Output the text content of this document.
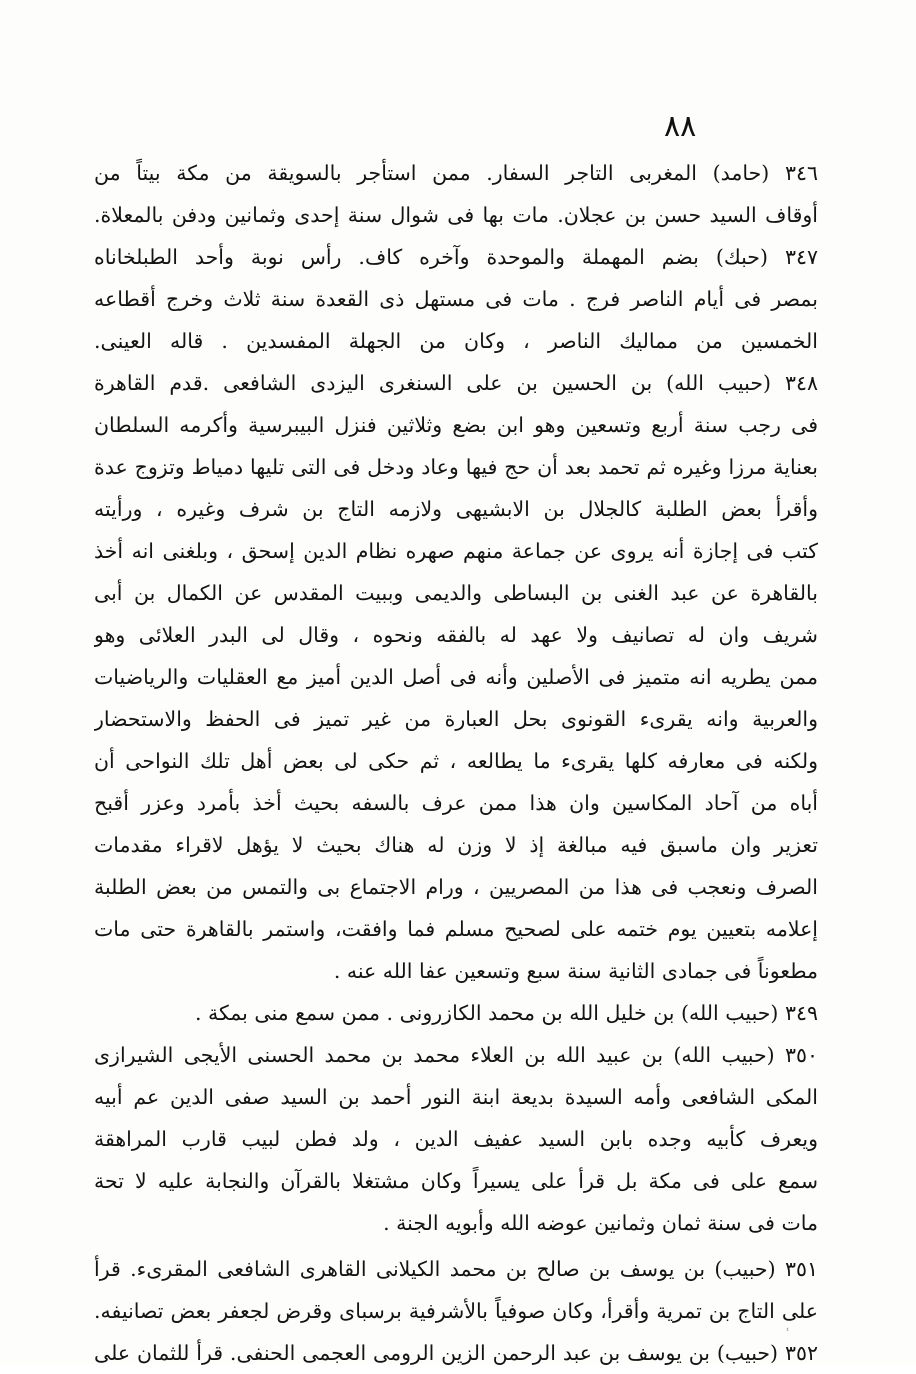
٨٨
٣٤٦ (حامد) المغربى التاجر السفار. ممن استأجر بالسويقة من مكة بيتاً من
أوقاف السيد حسن بن عجلان. مات بها فى شوال سنة إحدى وثمانين ودفن بالمعلاة.
٣٤٧ (حبك) بضم المهملة والموحدة وآخره كاف. رأس نوبة وأحد الطبلخاناه
بمصر فى أيام الناصر فرج . مات فى مستهل ذى القعدة سنة ثلاث وخرج أقطاعه
الخمسين من مماليك الناصر ، وكان من الجهلة المفسدين . قاله العينى.
٣٤٨ (حبيب الله) بن الحسين بن على السنغرى اليزدى الشافعى .قدم القاهرة
فى رجب سنة أربع وتسعين وهو ابن بضع وثلاثين فنزل البيبرسية وأكرمه السلطان
بعناية مرزا وغيره ثم تحمد بعد أن حج فيها وعاد ودخل فى التى تليها دمياط وتزوج عدة
وأقرأ بعض الطلبة كالجلال بن الابشيهى ولازمه التاج بن شرف وغيره ، ورأيته
كتب فى إجازة أنه يروى عن جماعة منهم صهره نظام الدين إسحق ، وبلغنى انه أخذ
بالقاهرة عن عبد الغنى بن البساطى والديمى وببيت المقدس عن الكمال بن أبى
شريف وان له تصانيف ولا عهد له بالفقه ونحوه ، وقال لى البدر العلائى وهو
ممن يطريه انه متميز فى الأصلين وأنه فى أصل الدين أميز مع العقليات والرياضيات
والعربية وانه يقرىء القونوى بحل العبارة من غير تميز فى الحفظ والاستحضار
ولكنه فى معارفه كلها يقرىء ما يطالعه ، ثم حكى لى بعض أهل تلك النواحى أن
أباه من آحاد المكاسين وان هذا ممن عرف بالسفه بحيث أخذ بأمرد وعزر أقبح
تعزير وان ماسبق فيه مبالغة إذ لا وزن له هناك بحيث لا يؤهل لاقراء مقدمات
الصرف ونعجب فى هذا من المصريين ، ورام الاجتماع بى والتمس من بعض الطلبة
إعلامه بتعيين يوم ختمه على لصحيح مسلم فما وافقت، واستمر بالقاهرة حتى مات
مطعوناً فى جمادى الثانية سنة سبع وتسعين عفا الله عنه .
٣٤٩ (حبيب الله) بن خليل الله بن محمد الكازرونى . ممن سمع منى بمكة .
٣٥٠ (حبيب الله) بن عبيد الله بن العلاء محمد بن محمد الحسنى الأيجى الشيرازى
المكى الشافعى وأمه السيدة بديعة ابنة النور أحمد بن السيد صفى الدين عم أبيه
ويعرف كأبيه وجده بابن السيد عفيف الدين ، ولد فطن لبيب قارب المراهقة
سمع على فى مكة بل قرأ على يسيراً وكان مشتغلا بالقرآن والنجابة عليه لا تحة
مات فى سنة ثمان وثمانين عوضه الله وأبويه الجنة .
٣٥١ (حبيب) بن يوسف بن صالح بن محمد الكيلانى القاهرى الشافعى المقرىء. قرأ
على التاج بن تمرية وأقرأ، وكان صوفياً بالأشرفية برسباى وقرض لجعفر بعض تصانيفه.
٣٥٢ (حبيب) بن يوسف بن عبد الرحمن الزين الرومى العجمى الحنفى. قرأ للثمان على
ʿ
